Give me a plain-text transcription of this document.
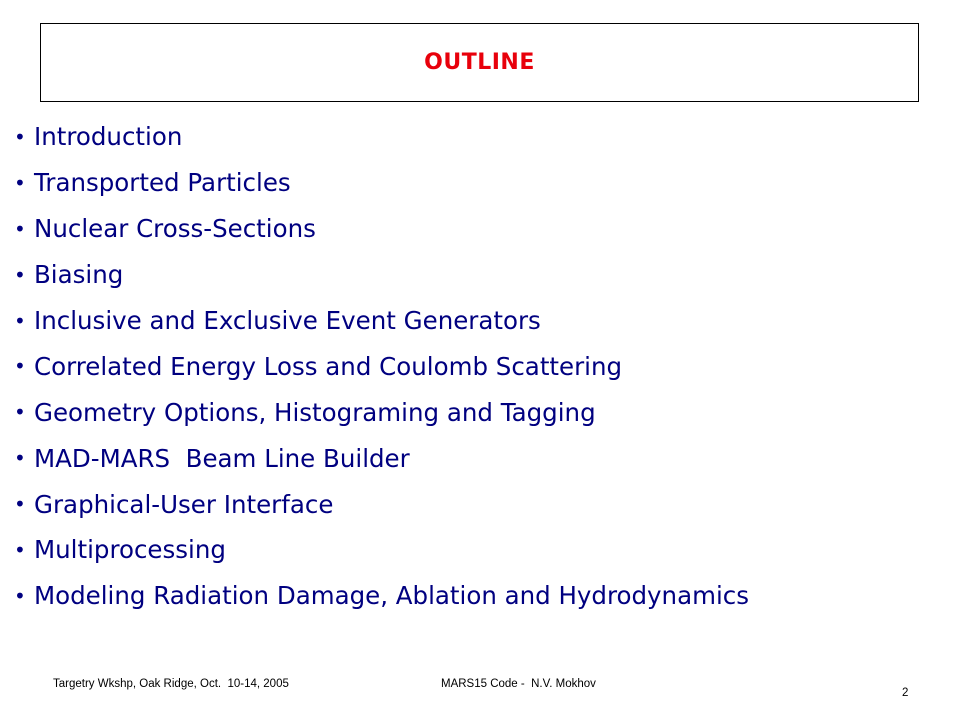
OUTLINE
• Introduction
• Transported Particles
• Nuclear Cross-Sections
• Biasing
• Inclusive and Exclusive Event Generators
• Correlated Energy Loss and Coulomb Scattering
• Geometry Options, Histograming and Tagging
• MAD-MARS  Beam Line Builder
• Graphical-User Interface
• Multiprocessing
• Modeling Radiation Damage, Ablation and Hydrodynamics
Targetry Wkshp, Oak Ridge, Oct.  10-14, 2005	MARS15 Code -  N.V. Mokhov
2
